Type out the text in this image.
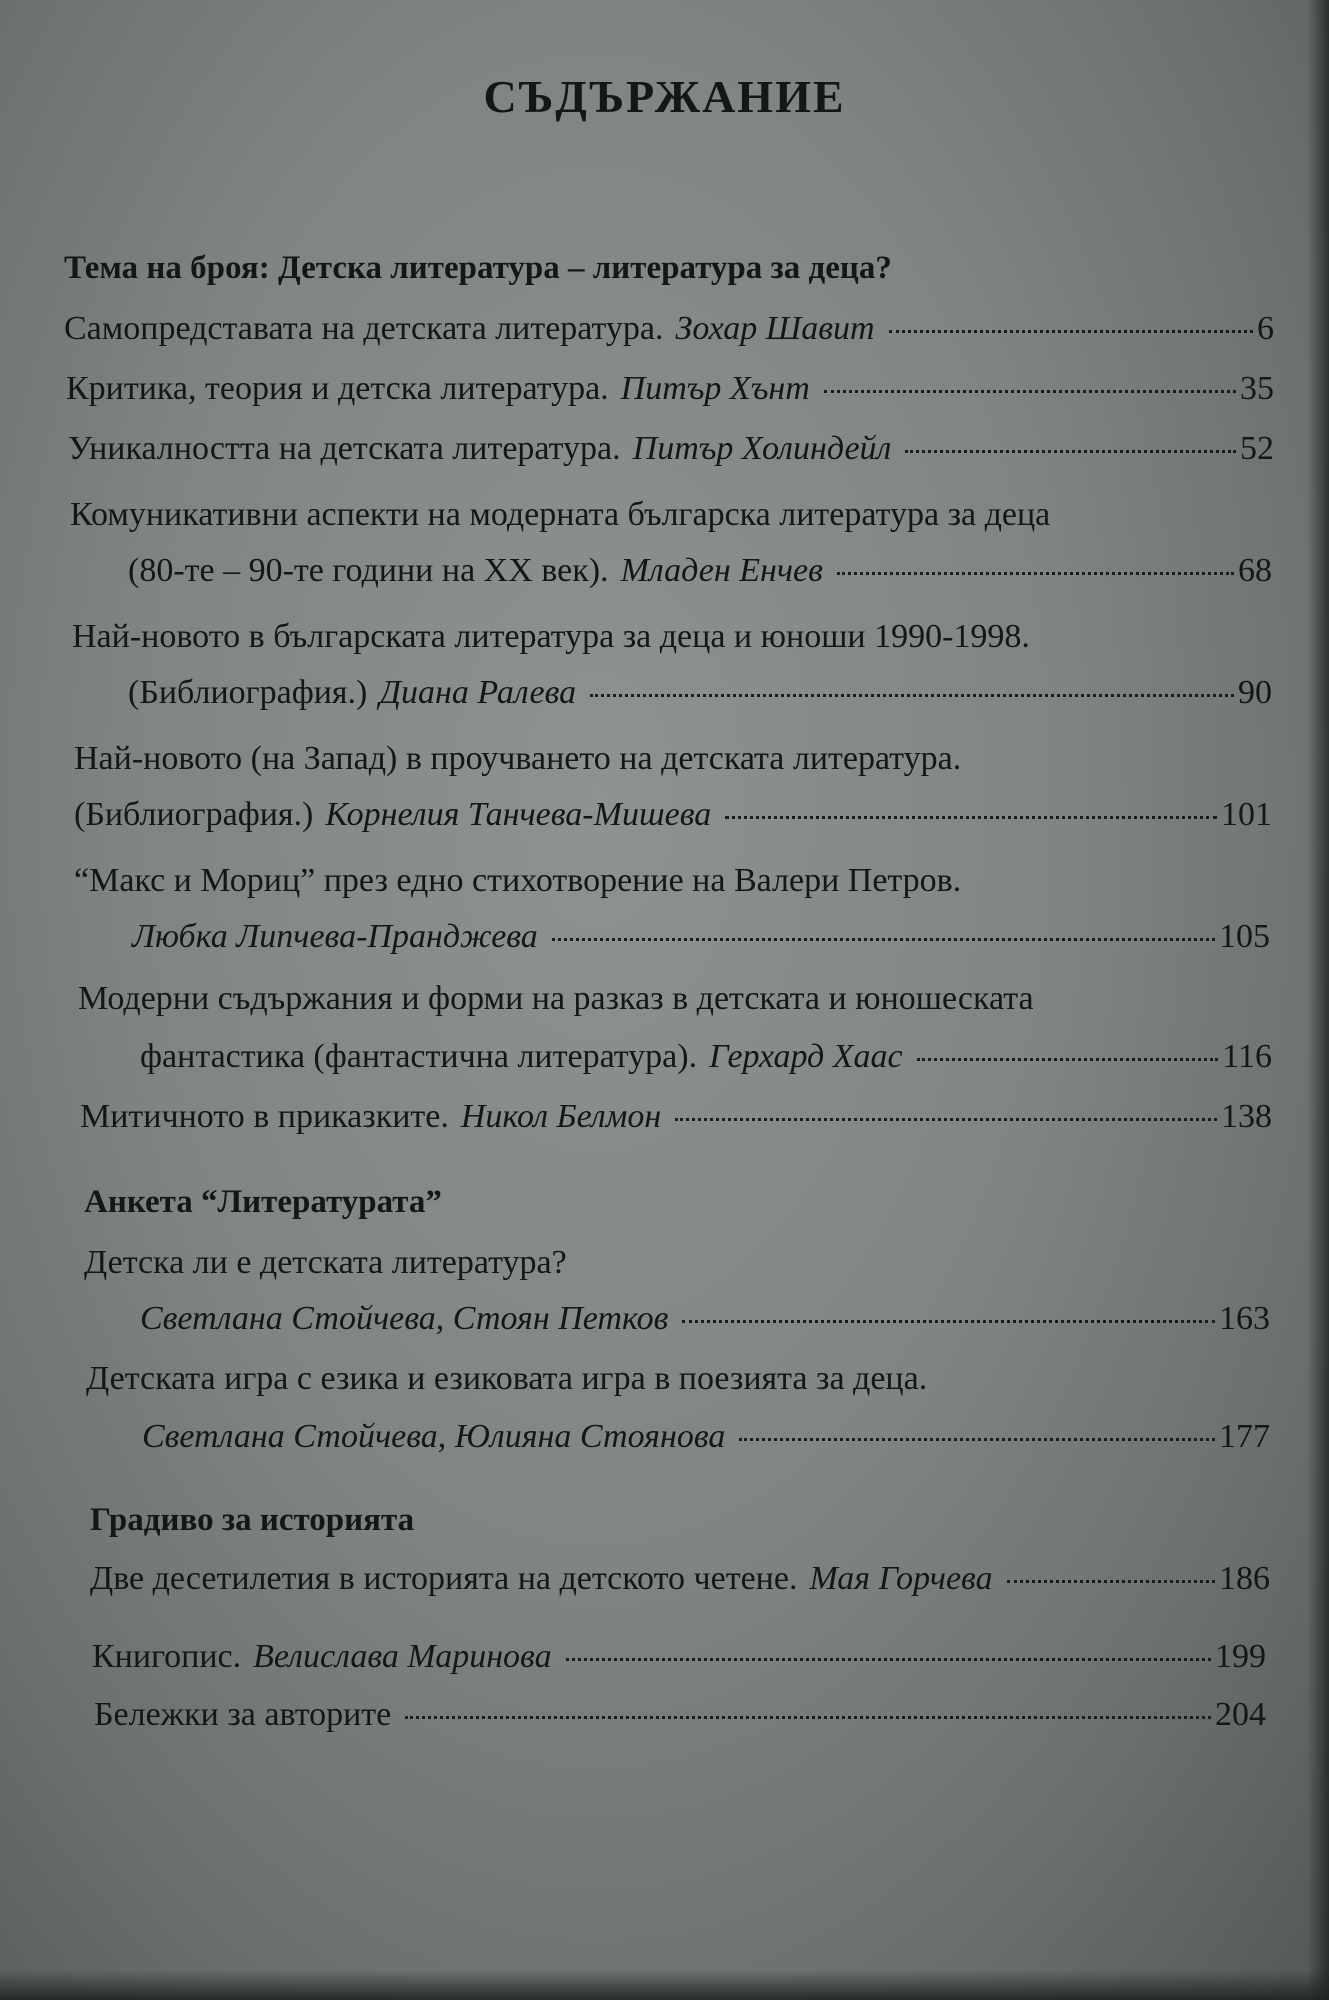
СЪДЪРЖАНИЕ
Тема на броя: Детска литература – литература за деца?
Самопредставата на детската литература. Зохар Шавит	6
Критика, теория и детска литература. Питър Хънт	35
Уникалността на детската литература. Питър Холиндейл	52
Комуникативни аспекти на модерната българска литература за деца
(80-те – 90-те години на ХХ век). Младен Енчев	68
Най-новото в българската литература за деца и юноши 1990-1998.
(Библиография.) Диана Ралева	90
Най-новото (на Запад) в проучването на детската литература.
(Библиография.) Корнелия Танчева-Мишева	101
“Макс и Мориц” през едно стихотворение на Валери Петров.
Любка Липчева-Пранджева	105
Модерни съдържания и форми на разказ в детската и юношеската
фантастика (фантастична литература). Герхард Хаас	116
Митичното в приказките. Никол Белмон	138
Анкета “Литературата”
Детска ли е детската литература?
Светлана Стойчева, Стоян Петков	163
Детската игра с езика и езиковата игра в поезията за деца.
Светлана Стойчева, Юлияна Стоянова	177
Градиво за историята
Две десетилетия в историята на детското четене. Мая Горчева	186
Книгопис. Велислава Маринова	199
Бележки за авторите	204
